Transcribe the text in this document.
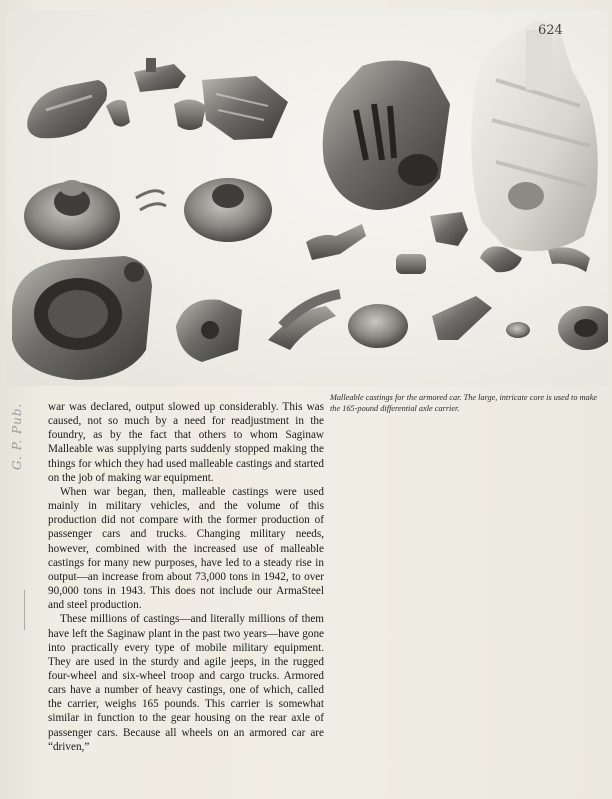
624

Malleable castings for the armored car. The large, intricate core is used to make the 165-pound differential axle carrier.

war was declared, output slowed up considerably. This was caused, not so much by a need for readjustment in the foundry, as by the fact that others to whom Saginaw Malleable was supplying parts suddenly stopped making the things for which they had used malleable castings and started on the job of making war equipment.

When war began, then, malleable castings were used mainly in military vehicles, and the volume of this production did not compare with the former production of passenger cars and trucks. Changing military needs, however, combined with the increased use of malleable castings for many new purposes, have led to a steady rise in output—an increase from about 73,000 tons in 1942, to over 90,000 tons in 1943. This does not include our ArmaSteel and steel production.

These millions of castings—and literally millions of them have left the Saginaw plant in the past two years—have gone into practically every type of mobile military equipment. They are used in the sturdy and agile jeeps, in the rugged four-wheel and six-wheel troop and cargo trucks. Armored cars have a number of heavy castings, one of which, called the carrier, weighs 165 pounds. This carrier is somewhat similar in function to the gear housing on the rear axle of passenger cars. Because all wheels on an armored car are “driven,”

G. P. Pub.
